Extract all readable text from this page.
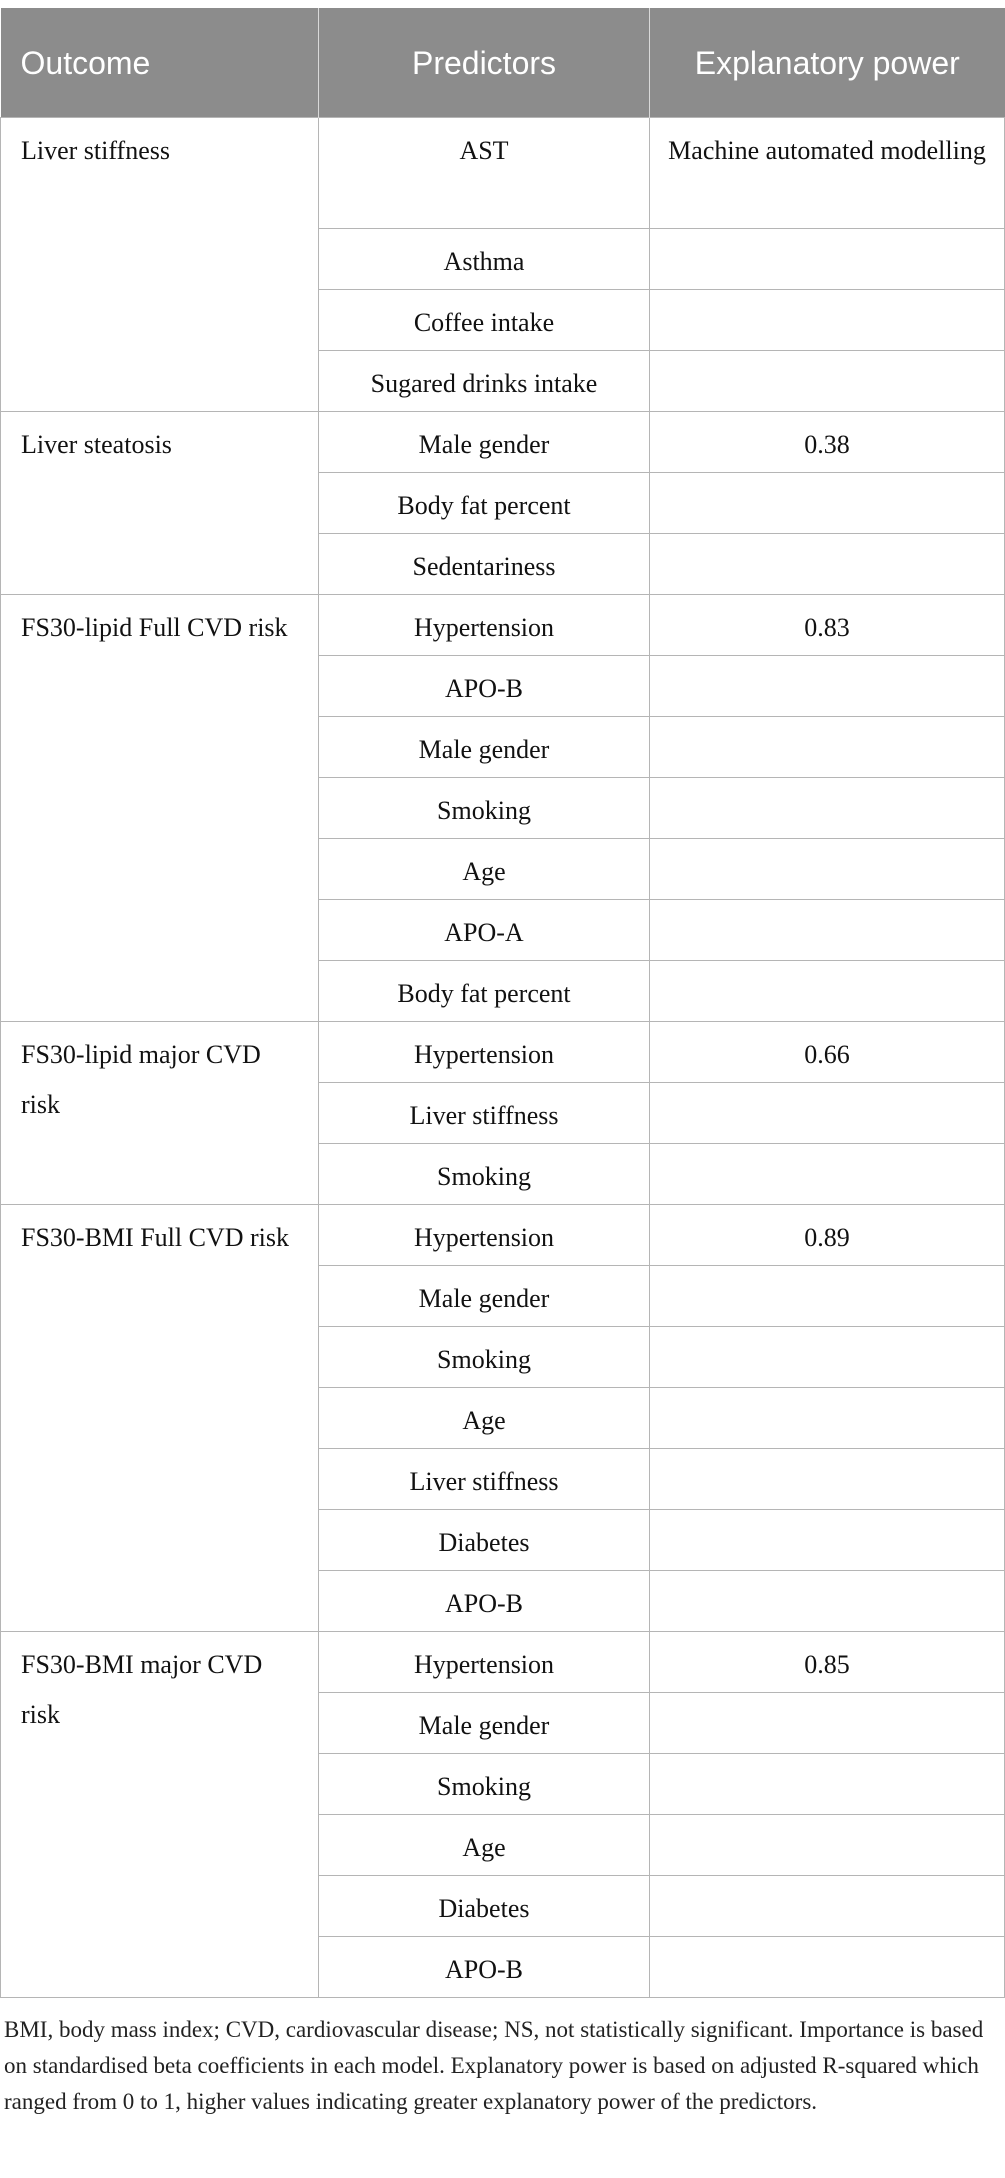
Outcome	Predictors	Explanatory power
Liver stiffness	AST	Machine automated modelling
	Asthma	
	Coffee intake	
	Sugared drinks intake	
Liver steatosis	Male gender	0.38
	Body fat percent	
	Sedentariness	
FS30-lipid Full CVD risk	Hypertension	0.83
	APO-B	
	Male gender	
	Smoking	
	Age	
	APO-A	
	Body fat percent	
FS30-lipid major CVD risk	Hypertension	0.66
	Liver stiffness	
	Smoking	
FS30-BMI Full CVD risk	Hypertension	0.89
	Male gender	
	Smoking	
	Age	
	Liver stiffness	
	Diabetes	
	APO-B	
FS30-BMI major CVD risk	Hypertension	0.85
	Male gender	
	Smoking	
	Age	
	Diabetes	
	APO-B	

BMI, body mass index; CVD, cardiovascular disease; NS, not statistically significant. Importance is based on standardised beta coefficients in each model. Explanatory power is based on adjusted R-squared which ranged from 0 to 1, higher values indicating greater explanatory power of the predictors.
